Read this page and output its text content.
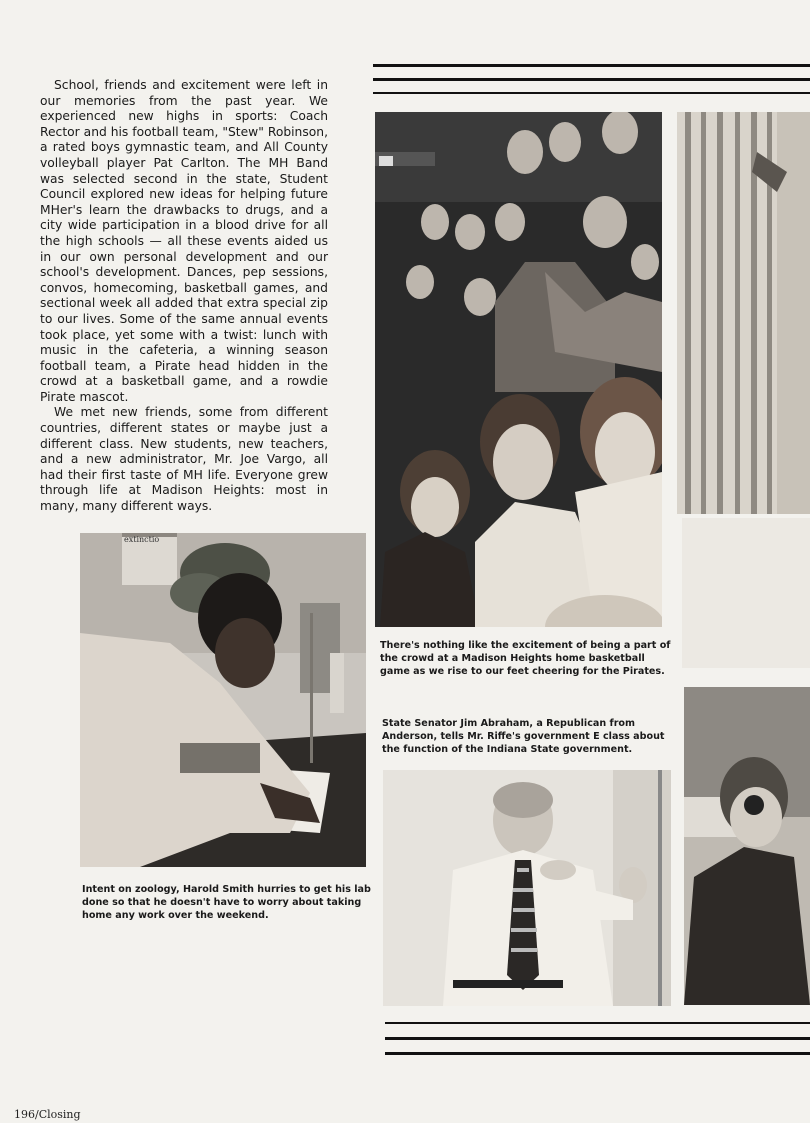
School, friends and excitement were left in our memories from the past year. We experienced new highs in sports: Coach Rector and his football team, "Stew" Robinson, a rated boys gymnastic team, and All County volleyball player Pat Carlton. The MH Band was selected second in the state, Student Council explored new ideas for helping future MHer's learn the drawbacks to drugs, and a city wide participation in a blood drive for all the high schools — all these events aided us in our own personal development and our school's development. Dances, pep sessions, convos, homecoming, basketball games, and sectional week all added that extra special zip to our lives. Some of the same annual events took place, yet some with a twist: lunch with music in the cafeteria, a winning season football team, a Pirate head hidden in the crowd at a basketball game, and a rowdie Pirate mascot.

We met new friends, some from different countries, different states or maybe just a different class. New students, new teachers, and a new administrator, Mr. Joe Vargo, all had their first taste of MH life. Everyone grew through life at Madison Heights: most in many, many different ways.

extinctio

There's nothing like the excitement of being a part of the crowd at a Madison Heights home basketball game as we rise to our feet cheering for the Pirates.

State Senator Jim Abraham, a Republican from Anderson, tells Mr. Riffe's government E class about the function of the Indiana State government.

Intent on zoology, Harold Smith hurries to get his lab done so that he doesn't have to worry about taking home any work over the weekend.

196/Closing
